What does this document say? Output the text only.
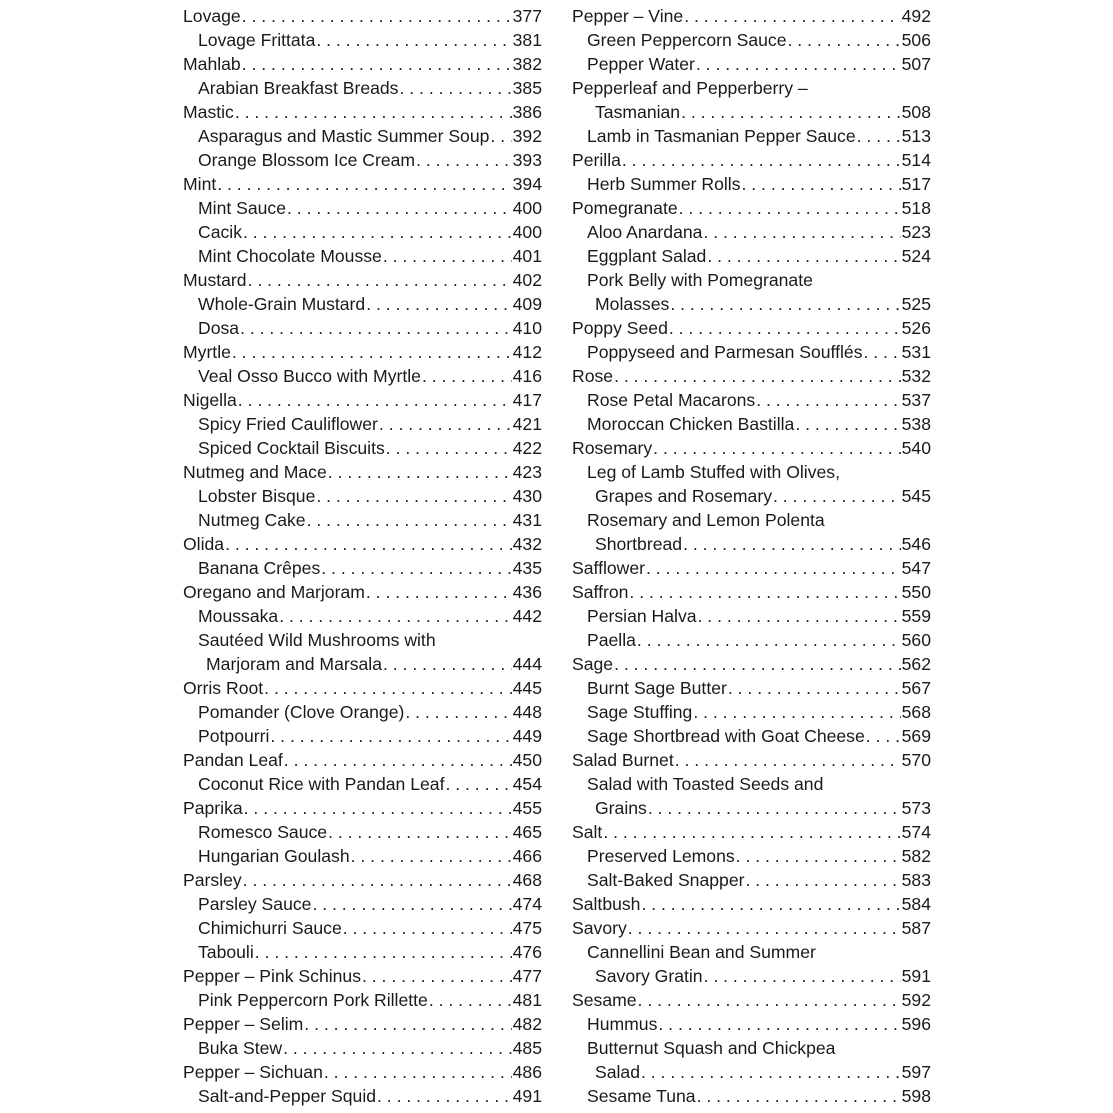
Lovage . . .	377
Lovage Frittata . . .	381
Mahlab . . .	382
Arabian Breakfast Breads . . .	385
Mastic . . .	386
Asparagus and Mastic Summer Soup . . . 392
Orange Blossom Ice Cream . . .	393
Mint . . .	394
Mint Sauce . . .	400
Cacik . . .	400
Mint Chocolate Mousse . . .	401
Mustard . . .	402
Whole-Grain Mustard . . .	409
Dosa . . .	410
Myrtle . . .	412
Veal Osso Bucco with Myrtle . . .	416
Nigella . . .	417
Spicy Fried Cauliflower . . .	421
Spiced Cocktail Biscuits . . .	422
Nutmeg and Mace . . .	423
Lobster Bisque . . .	430
Nutmeg Cake . . .	431
Olida . . .	432
Banana Crêpes . . .	435
Oregano and Marjoram . . .	436
Moussaka . . .	442
Sautéed Wild Mushrooms with
Marjoram and Marsala . . .	444
Orris Root . . .	445
Pomander (Clove Orange) . . .	448
Potpourri . . .	449
Pandan Leaf . . .	450
Coconut Rice with Pandan Leaf . . .	454
Paprika . . .	455
Romesco Sauce . . .	465
Hungarian Goulash . . .	466
Parsley . . .	468
Parsley Sauce . . .	474
Chimichurri Sauce . . .	475
Tabouli . . .	476
Pepper – Pink Schinus . . .	477
Pink Peppercorn Pork Rillette . . .	481
Pepper – Selim . . .	482
Buka Stew . . .	485
Pepper – Sichuan . . .	486
Salt-and-Pepper Squid . . .	491
Pepper – Vine . . .	492
Green Peppercorn Sauce . . .	506
Pepper Water . . .	507
Pepperleaf and Pepperberry –
Tasmanian . . .	508
Lamb in Tasmanian Pepper Sauce . . .	513
Perilla . . .	514
Herb Summer Rolls . . .	517
Pomegranate . . .	518
Aloo Anardana . . .	523
Eggplant Salad . . .	524
Pork Belly with Pomegranate
Molasses . . .	525
Poppy Seed . . .	526
Poppyseed and Parmesan Soufflés . . . 531
Rose . . .	532
Rose Petal Macarons . . .	537
Moroccan Chicken Bastilla . . .	538
Rosemary . . .	540
Leg of Lamb Stuffed with Olives,
Grapes and Rosemary . . .	545
Rosemary and Lemon Polenta
Shortbread . . .	546
Safflower . . .	547
Saffron . . .	550
Persian Halva . . .	559
Paella . . .	560
Sage . . .	562
Burnt Sage Butter . . .	567
Sage Stuffing . . .	568
Sage Shortbread with Goat Cheese . . . 569
Salad Burnet . . .	570
Salad with Toasted Seeds and
Grains . . .	573
Salt . . .	574
Preserved Lemons . . .	582
Salt-Baked Snapper . . .	583
Saltbush . . .	584
Savory . . .	587
Cannellini Bean and Summer
Savory Gratin . . .	591
Sesame . . .	592
Hummus . . .	596
Butternut Squash and Chickpea
Salad . . .	597
Sesame Tuna . . .	598
